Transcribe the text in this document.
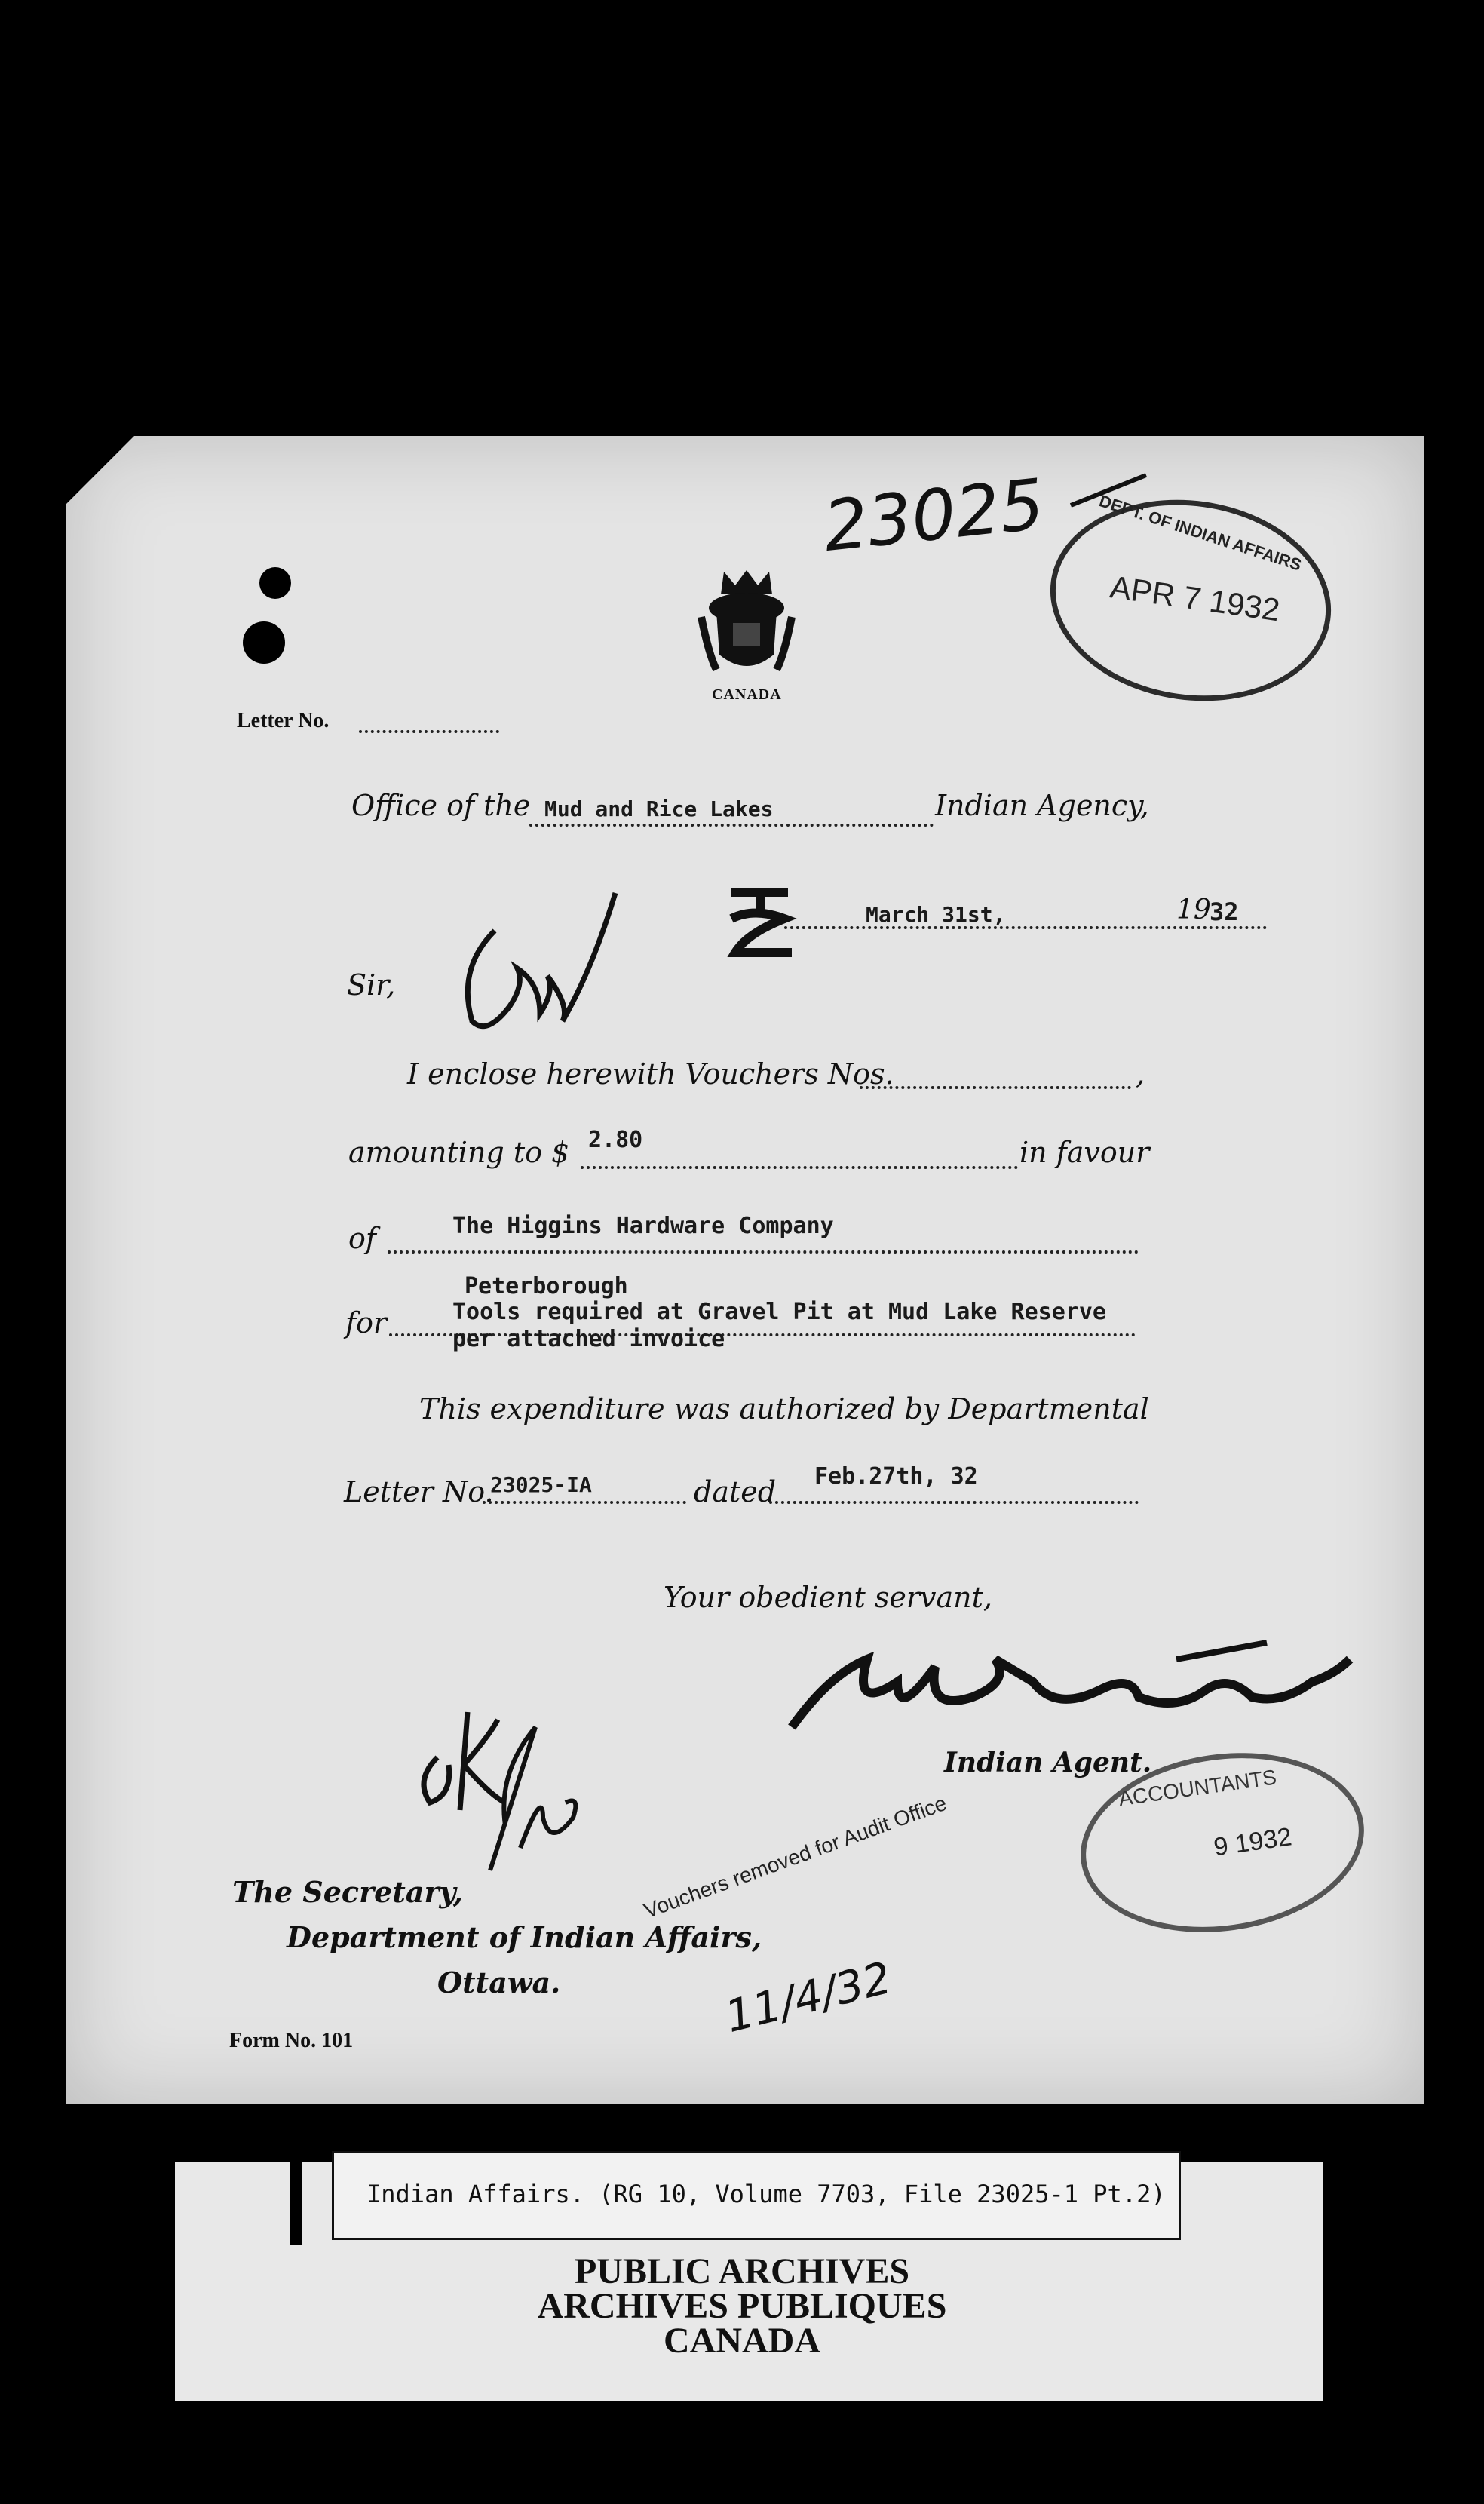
23025
CANADA
DEPT. OF INDIAN AFFAIRS
APR 7 1932
Letter No.
Office of the Mud and Rice Lakes	Indian Agency,
March 31st,	19
32
Sir,
I enclose herewith Vouchers Nos.	,
amounting to $ 2.80	in favour
of	The Higgins Hardware Company
Peterborough
for	Tools required at Gravel Pit at Mud Lake Reserve
per attached invoice
This expenditure was authorized by Departmental
Letter No.
23025-IA	dated Feb.27th, 32
Your obedient servant,
Indian Agent.
ACCOUNTANTS
9 1932
Vouchers removed for Audit Office
11/4/32
The Secretary,
Department of Indian Affairs,
Ottawa.
Form No. 101
Indian Affairs. (RG 10, Volume 7703, File 23025-1 Pt.2)
PUBLIC ARCHIVES
ARCHIVES PUBLIQUES
CANADA
